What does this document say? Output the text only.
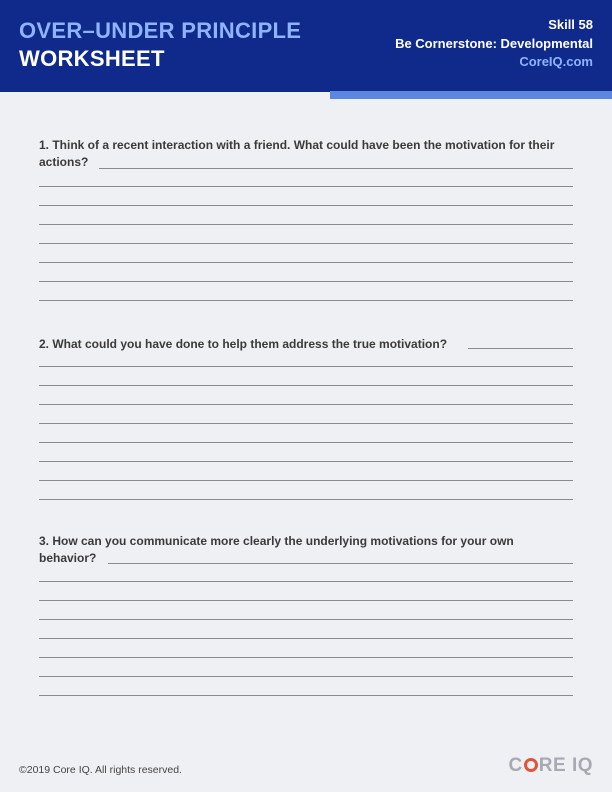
OVER–UNDER PRINCIPLE
WORKSHEET
Skill 58
Be Cornerstone: Developmental
CoreIQ.com
1. Think of a recent interaction with a friend. What could have been the motivation for their
actions?
2. What could you have done to help them address the true motivation?
3. How can you communicate more clearly the underlying motivations for your own
behavior?
©2019 Core IQ. All rights reserved.	C RE IQ
